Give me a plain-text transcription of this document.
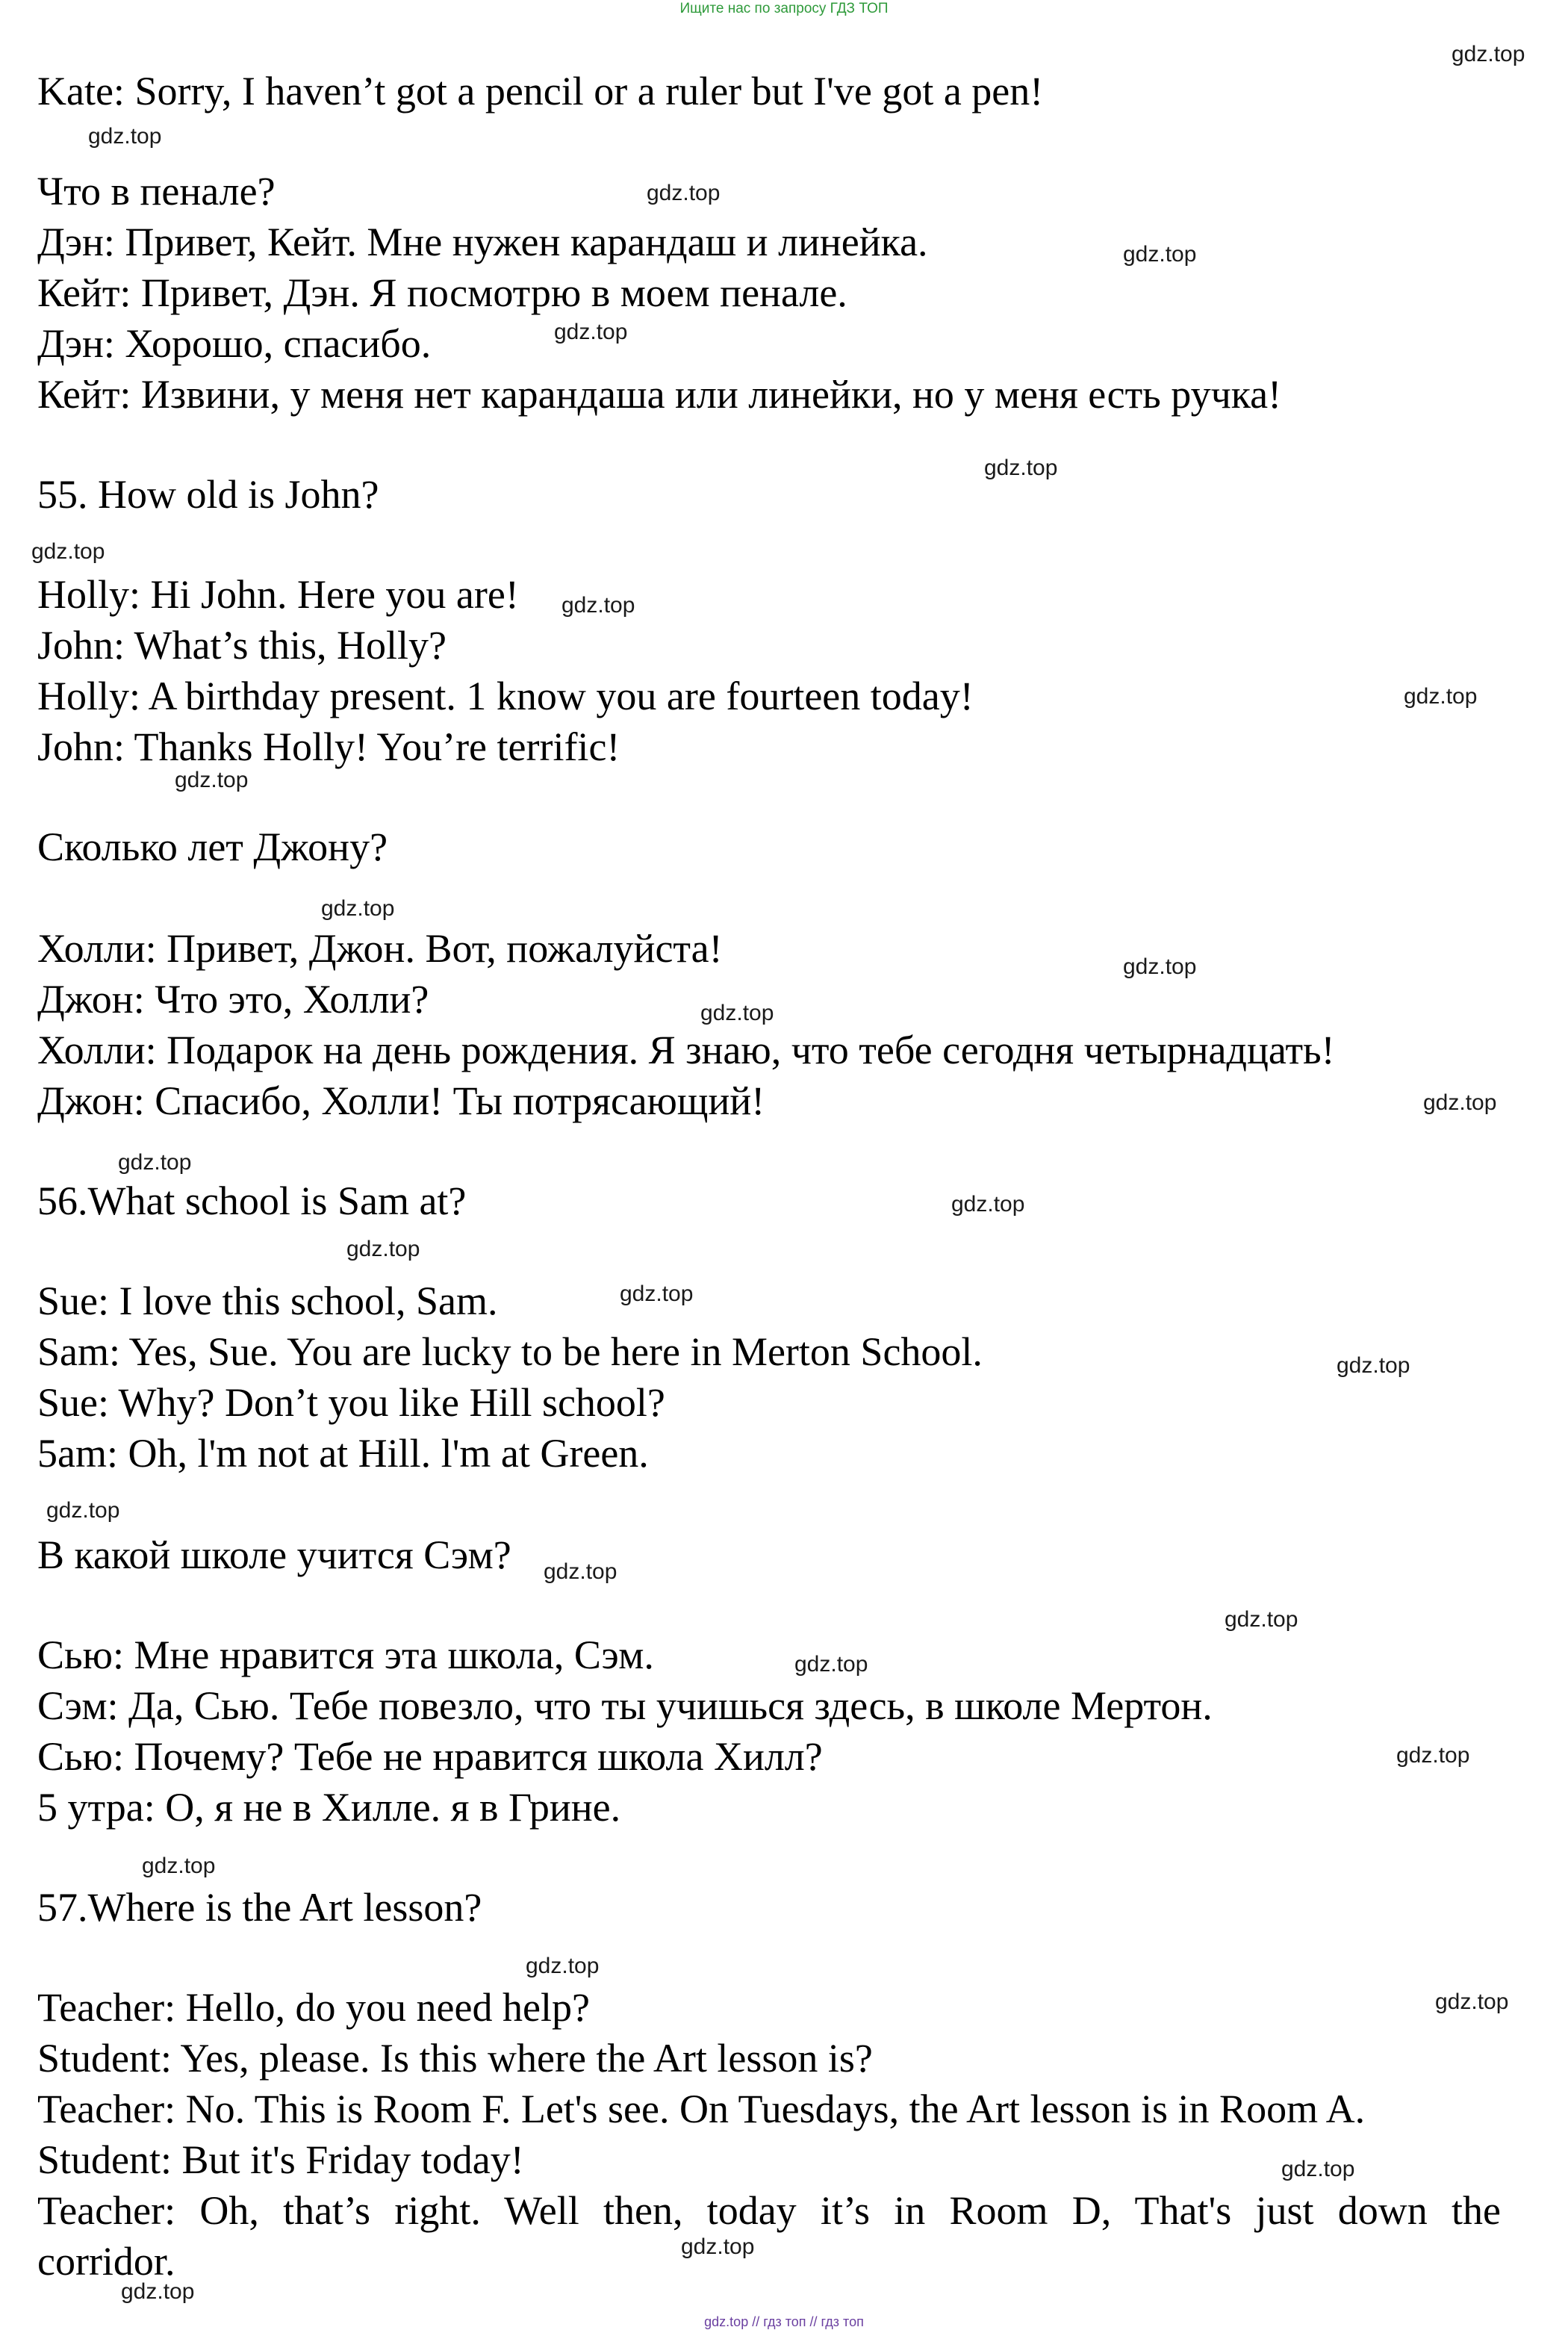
Ищите нас по запросу ГДЗ ТОП
Kate: Sorry, I haven’t got a pencil or a ruler but I've got a pen!
Что в пенале?
Дэн: Привет, Кейт. Мне нужен карандаш и линейка.
Кейт: Привет, Дэн. Я посмотрю в моем пенале.
Дэн: Хорошо, спасибо.
Кейт: Извини, у меня нет карандаша или линейки, но у меня есть ручка!
55. How old is John?
Holly: Hi John. Here you are!
John: What’s this, Holly?
Holly: A birthday present. 1 know you are fourteen today!
John: Thanks Holly! You’re terrific!
Сколько лет Джону?
Холли: Привет, Джон. Вот, пожалуйста!
Джон: Что это, Холли?
Холли: Подарок на день рождения. Я знаю, что тебе сегодня четырнадцать!
Джон: Спасибо, Холли! Ты потрясающий!
56.What school is Sam at?
Sue: I love this school, Sam.
Sam: Yes, Sue. You are lucky to be here in Merton School.
Sue: Why? Don’t you like Hill school?
5am: Oh, l'm not at Hill. l'm at Green.
В какой школе учится Сэм?
Сью: Мне нравится эта школа, Сэм.
Сэм: Да, Сью. Тебе повезло, что ты учишься здесь, в школе Мертон.
Сью: Почему? Тебе не нравится школа Хилл?
5 утра: О, я не в Хилле. я в Грине.
57.Where is the Art lesson?
Teacher: Hello, do you need help?
Student: Yes, please. Is this where the Art lesson is?
Teacher: No. This is Room F. Let's see. On Tuesdays, the Art lesson is in Room A.
Student: But it's Friday today!
Teacher: Oh, that’s right. Well then, today it’s in Room D, That's just down the
corridor.
gdz.top
gdz.top
gdz.top
gdz.top
gdz.top
gdz.top
gdz.top
gdz.top
gdz.top
gdz.top
gdz.top
gdz.top
gdz.top
gdz.top
gdz.top
gdz.top
gdz.top
gdz.top
gdz.top
gdz.top
gdz.top
gdz.top
gdz.top
gdz.top
gdz.top
gdz.top
gdz.top
gdz.top
gdz.top
gdz.top
gdz.top // гдз топ // гдз топ
